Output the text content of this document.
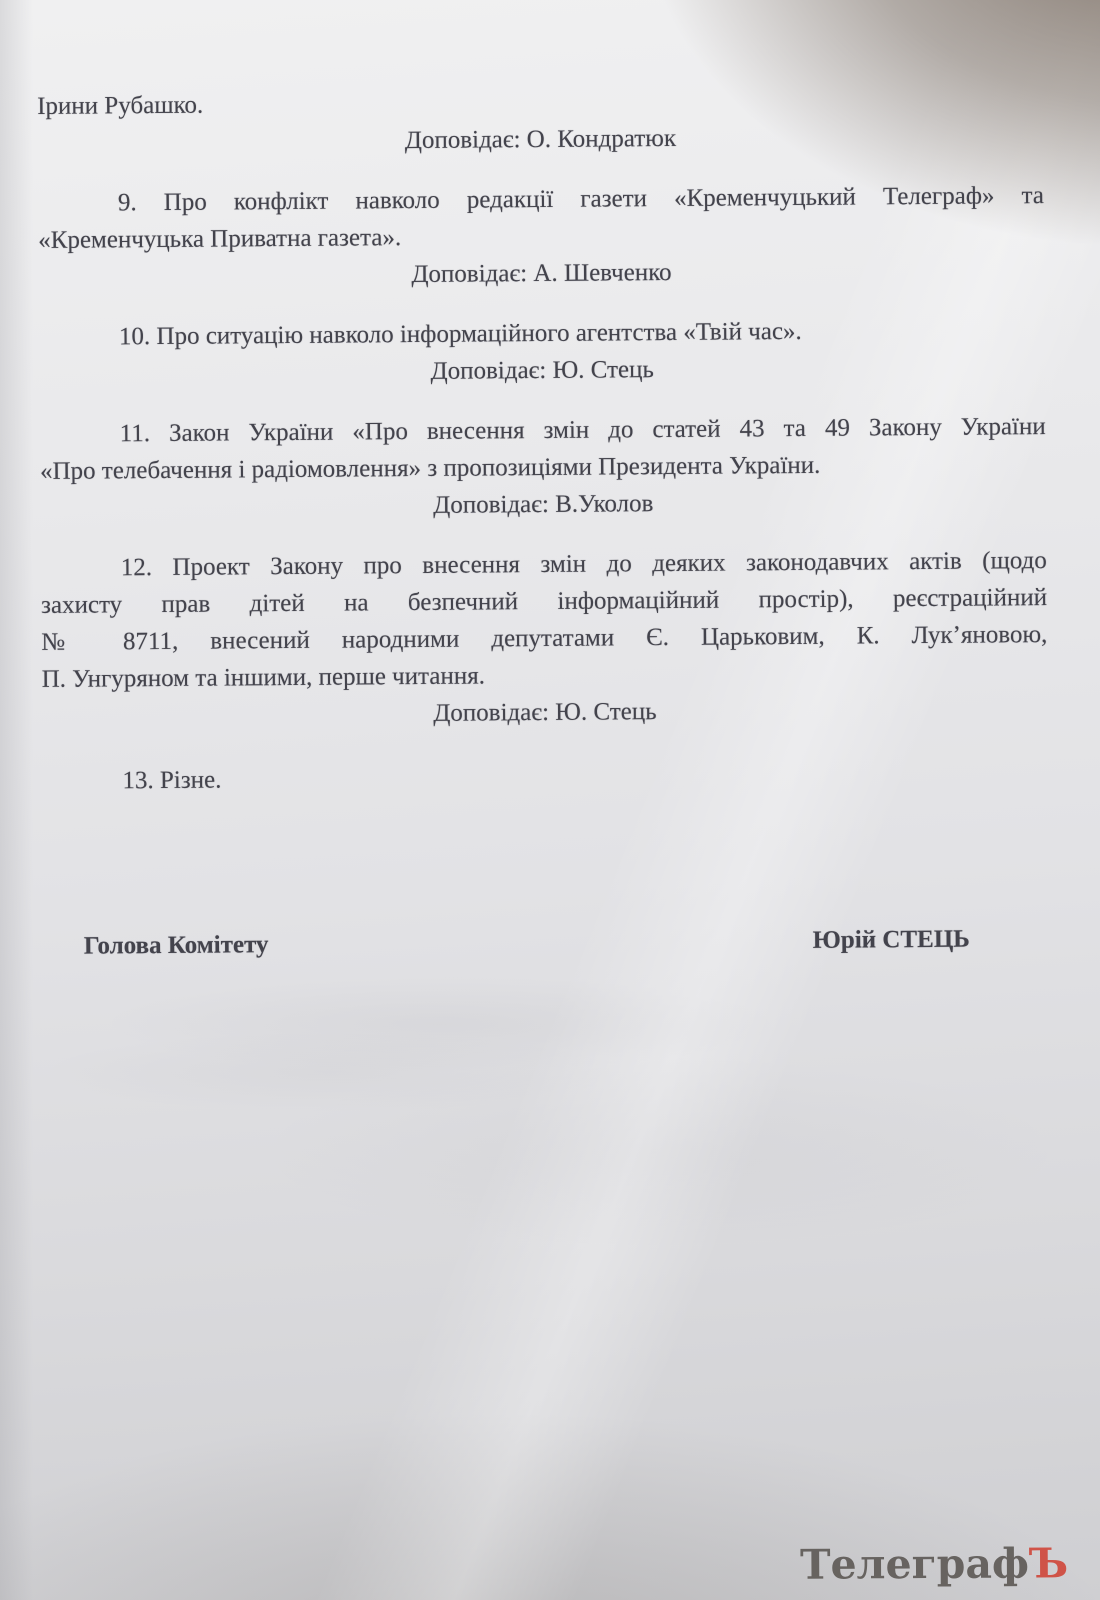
Ірини Рубашко.
Доповідає: О. Кондратюк
9. Про конфлікт навколо редакції газети «Кременчуцький Телеграф» та
«Кременчуцька Приватна газета».
Доповідає: А. Шевченко
10. Про ситуацію навколо інформаційного агентства «Твій час».
Доповідає: Ю. Стець
11. Закон України «Про внесення змін до статей 43 та 49 Закону України
«Про телебачення і радіомовлення» з пропозиціями Президента України.
Доповідає: В.Уколов
12. Проект Закону про внесення змін до деяких законодавчих актів (щодо
захисту прав дітей на безпечний інформаційний простір), реєстраційний
№ 8711, внесений народними депутатами Є. Царьковим, К. Лук’яновою,
П. Унгуряном та іншими, перше читання.
Доповідає: Ю. Стець
13. Різне.
Голова Комітету	Юрій СТЕЦЬ
ТелеграфЪ
